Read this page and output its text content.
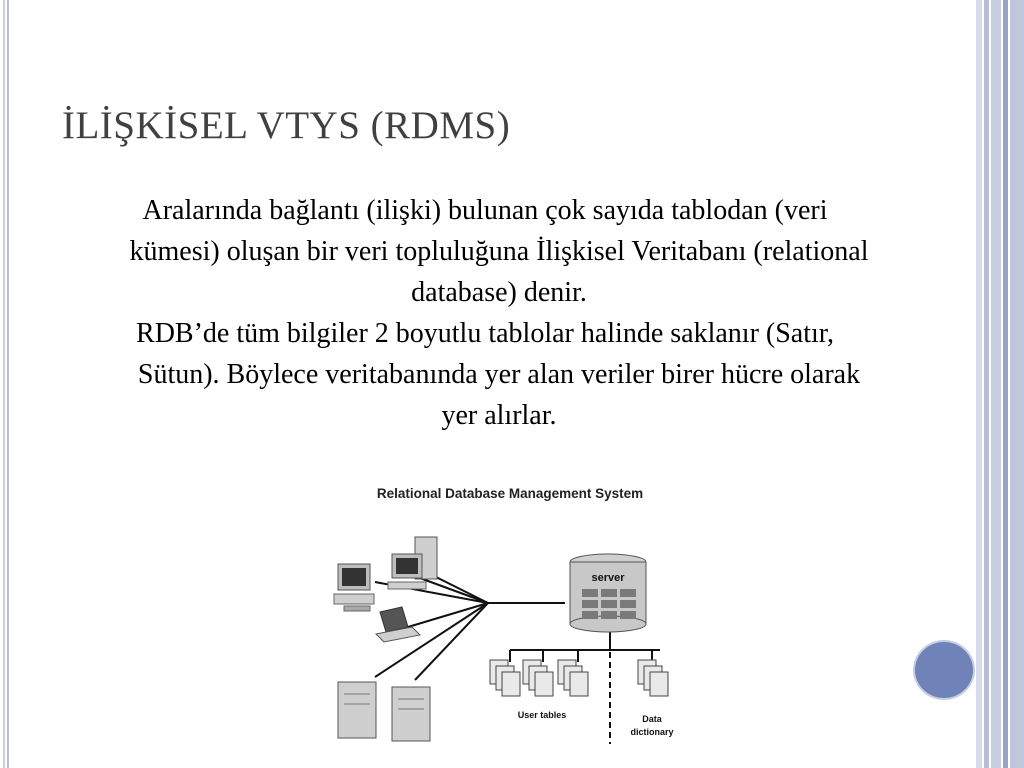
İLİŞKİSEL VTYS (RDMS)

Aralarında bağlantı (ilişki) bulunan çok sayıda tablodan (veri kümesi) oluşan bir veri topluluğuna İlişkisel Veritabanı (relational database) denir.

RDB’de tüm bilgiler 2 boyutlu tablolar halinde saklanır (Satır, Sütun). Böylece veritabanında yer alan veriler birer hücre olarak yer alırlar.

Relational Database Management System
server
User tables	Data
dictionary
